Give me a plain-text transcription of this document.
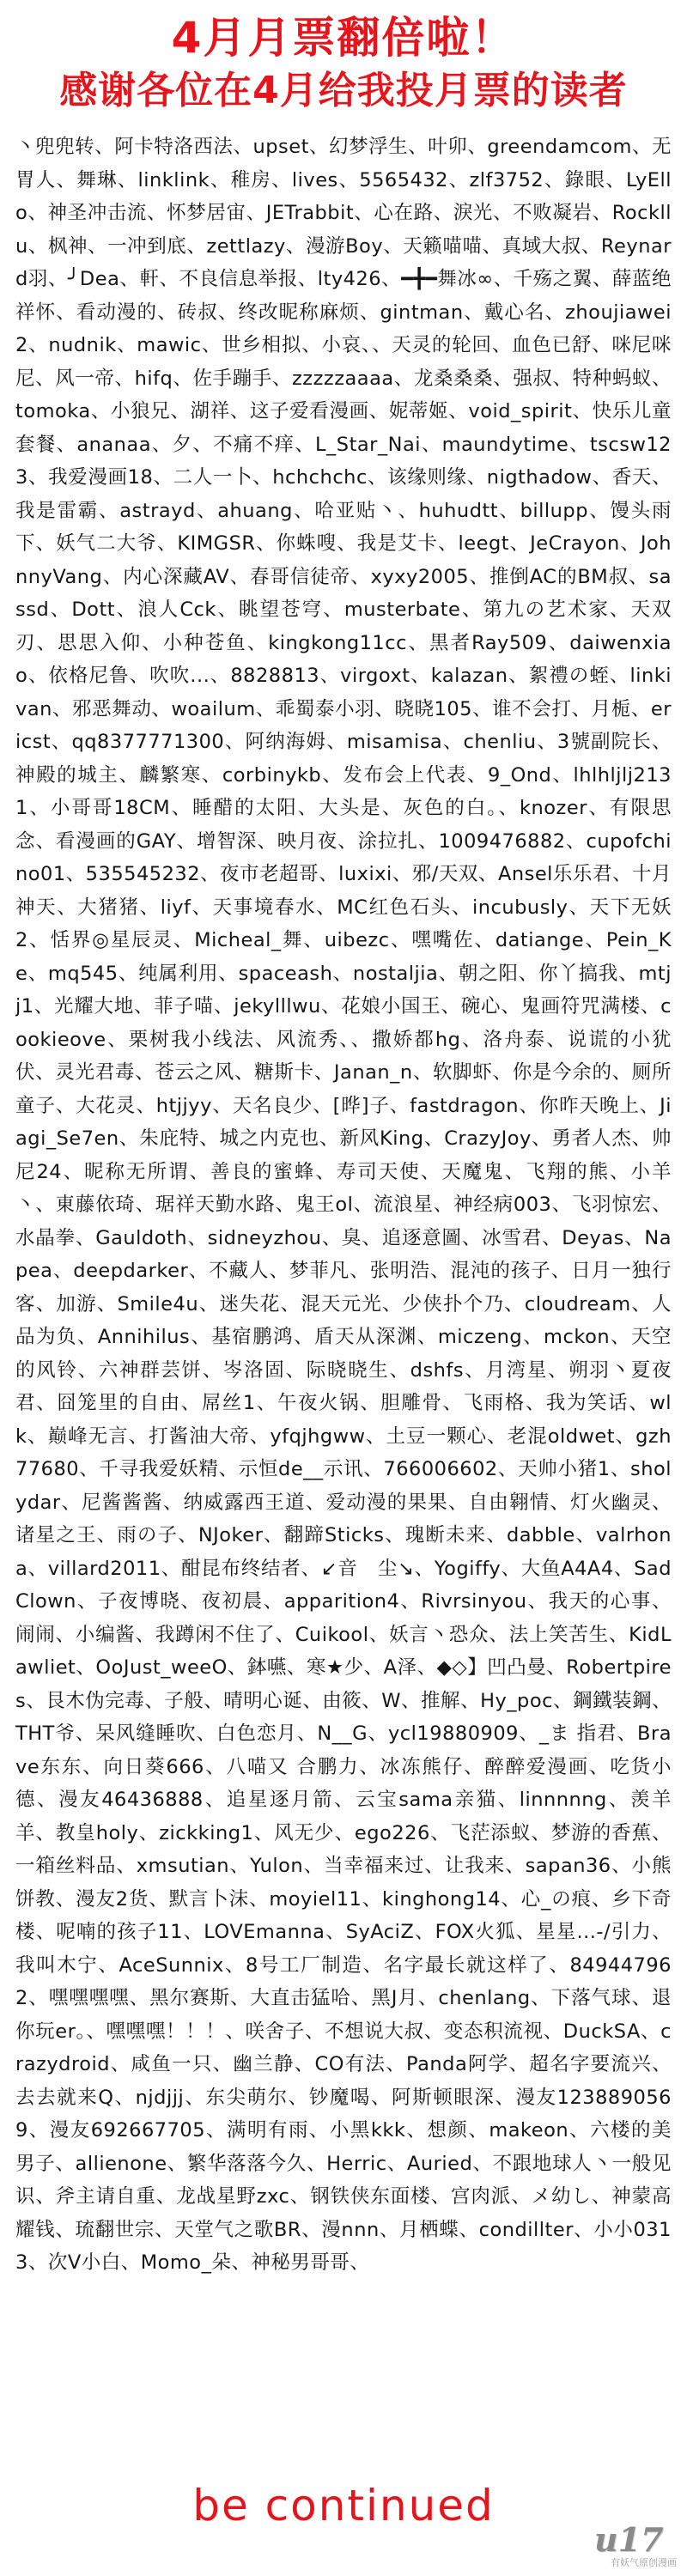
4月月票翻倍啦！
感谢各位在4月给我投月票的读者
丶兜兜转、阿卡特洛西法、upset、幻梦浮生、叶卯、greendamcom、无胃人、舞琳、linklink、稚房、lives、5565432、zlf3752、錄眼、LyEllo、神圣冲击流、怀梦居宙、JETrabbit、心在路、淚光、不败凝岩、Rockllu、枫神、一冲到底、zettlazy、漫游Boy、天籁喵喵、真域大叔、Reynard羽、╯Dea、軒、不良信息举报、lty426、━╋━舞冰∞、千殇之翼、薛蓝绝祥怀、看动漫的、砖叔、终改昵称麻烦、gintman、戴心名、zhoujiawei2、nudnik、mawic、世乡相拟、小哀、、天灵的轮回、血色已舒、咪尼咪尼、风一帝、hifq、佐手蹦手、zzzzzaaaa、龙桑桑桑、强叔、特种蚂蚁、tomoka、小狼兄、湖祥、这子爱看漫画、妮蒂姬、void_spirit、快乐儿童套餐、ananaa、夕、不痛不痒、L_Star_Nai、maundytime、tscsw123、我爱漫画18、二人一卜、hchchchc、该缘则缘、nigthadow、香天、我是雷霸、astrayd、ahuang、哈亚贴丶、huhudtt、billupp、馒头雨下、妖气二大爷、KIMGSR、你蛛嗖、我是艾卡、leegt、JeCrayon、JohnnyVang、内心深藏AV、春哥信徒帝、xyxy2005、推倒AC的BM叔、sassd、Dott、浪人Cck、眺望苍穹、musterbate、第九の艺术家、天双刃、思思入仰、小种苍鱼、kingkong11cc、黒者Ray509、daiwenxiao、依格尼鲁、吹吹...、8828813、virgoxt、kalazan、絮禮の蛭、linkivan、邪恶舞动、woailum、乖蜀泰小羽、晓晓105、谁不会打、月栀、ericst、qq8377771300、阿纳海姆、misamisa、chenliu、3號副院长、神殿的城主、麟繁寒、corbinykb、发布会上代表、9_Ond、lhlhljlj2131、小哥哥18CM、睡醋的太阳、大头是、灰色的白。、knozer、有限思念、看漫画的GAY、增智深、映月夜、涂拉扎、1009476882、cupofchino01、535545232、夜市老超哥、luxixi、邪/天双、Ansel乐乐君、十月神天、大猪猪、liyf、天事境春水、MC红色石头、incubusly、天下无妖2、恬界◎星辰灵、Micheal_舞、uibezc、嘿嘴佐、datiange、Pein_Ke、mq545、纯属利用、spaceash、nostaljia、朝之阳、你丫搞我、mtjj1、光耀大地、菲子喵、jekylllwu、花娘小国王、碗心、鬼画符咒满楼、cookieove、栗树我小线法、风流秀、、撒娇都hg、洛舟泰、说谎的小犹伏、灵光君毒、苍云之风、糖斯卡、Janan_n、软脚虾、你是今余的、厕所童子、大花灵、htjjyy、天名良少、[晔]子、fastdragon、你昨天晚上、Jiagi_Se7en、朱庇特、城之内克也、新风King、CrazyJoy、勇者人杰、帅尼24、昵称无所谓、善良的蜜蜂、寿司天使、天魔鬼、飞翔的熊、小羊丶、東藤依琦、琚祥天勤水路、鬼王ol、流浪星、神经病003、飞羽惊宏、水晶拳、Gauldoth、sidneyzhou、臭、追逐意圖、冰雪君、Deyas、Napea、deepdarker、不藏人、梦菲凡、张明浩、混沌的孩子、日月一独行客、加游、Smile4u、迷失花、混天元光、少侠扑个乃、cloudream、人品为负、Annihilus、基宿鹏鸿、盾天从深渊、miczeng、mckon、天空的风铃、六神群芸饼、岑洛固、际晓晓生、dshfs、月湾星、朔羽丶夏夜君、囧笼里的自由、屌丝1、午夜火锅、胆雕骨、飞雨格、我为笑话、wlk、巅峰无言、打酱油大帝、yfqjhgww、土豆一颗心、老混oldwet、gzh77680、千寻我爱妖精、示恒de__示讯、766006602、天帅小猪1、sholydar、尼酱酱酱、纳威露西王道、爱动漫的果果、自由翱情、灯火幽灵、诸星之王、雨の子、NJoker、翻蹄Sticks、瑰断未来、dabble、valrhona、villard2011、酣昆布终结者、↙音　尘↘、Yogiffy、大鱼A4A4、SadClown、子夜博晓、夜初晨、apparition4、Rivrsinyou、我天的心事、闹闹、小编酱、我蹲闲不住了、Cuikool、妖言丶恐众、法上笑苦生、KidLawliet、OoJust_weeO、鉢嚥、寒★少、A泽、◆◇】凹凸曼、Robertpires、艮木伪完毒、子般、晴明心诞、由筱、W、推解、Hy_poc、鋼鐵装鋼、THT爷、呆风缝睡吹、白色恋月、N__G、ycl19880909、_ま 指君、Brave东东、向日葵666、八喵又 合鹏力、冰冻熊仔、醉醉爱漫画、吃货小德、漫友46436888、追星逐月箭、云宝sama亲猫、linnnnng、羡羊羊、教皇holy、zickking1、风无少、ego226、飞茫添蚁、梦游的香蕉、一箱丝料品、xmsutian、Yulon、当幸福来过、让我来、sapan36、小熊饼教、漫友2货、默言卜沫、moyiel11、kinghong14、心_の痕、乡下奇楼、呢喃的孩子11、LOVEmanna、SyAciZ、FOX火狐、星星...-/引力、我叫木宁、AceSunnix、8号工厂制造、名字最长就这样了、849447962、嘿嘿嘿嘿、黑尔赛斯、大直击猛哈、黑J月、chenlang、下落气球、退你玩er。、嘿嘿嘿！！！、咲舍子、不想说大叔、变态积流视、DuckSA、crazydroid、咸鱼一只、幽兰静、CO有法、Panda阿学、超名字要流兴、去去就来Q、njdjjj、东尖萌尔、钞魔喝、阿斯顿眼深、漫友1238890569、漫友692667705、满明有雨、小黑kkk、想颜、makeon、六楼的美男子、allienone、繁华落落今久、Herric、Auried、不跟地球人丶一般见识、斧主请自重、龙战星野zxc、钢铁侠东面楼、宫肉派、メ幼し、神蒙高耀钱、琉翻世宗、天堂气之歌BR、漫nnn、月栖蝶、condillter、小小0313、次V小白、Momo_朵、神秘男哥哥、
be continued
u17
有妖气原创漫画
